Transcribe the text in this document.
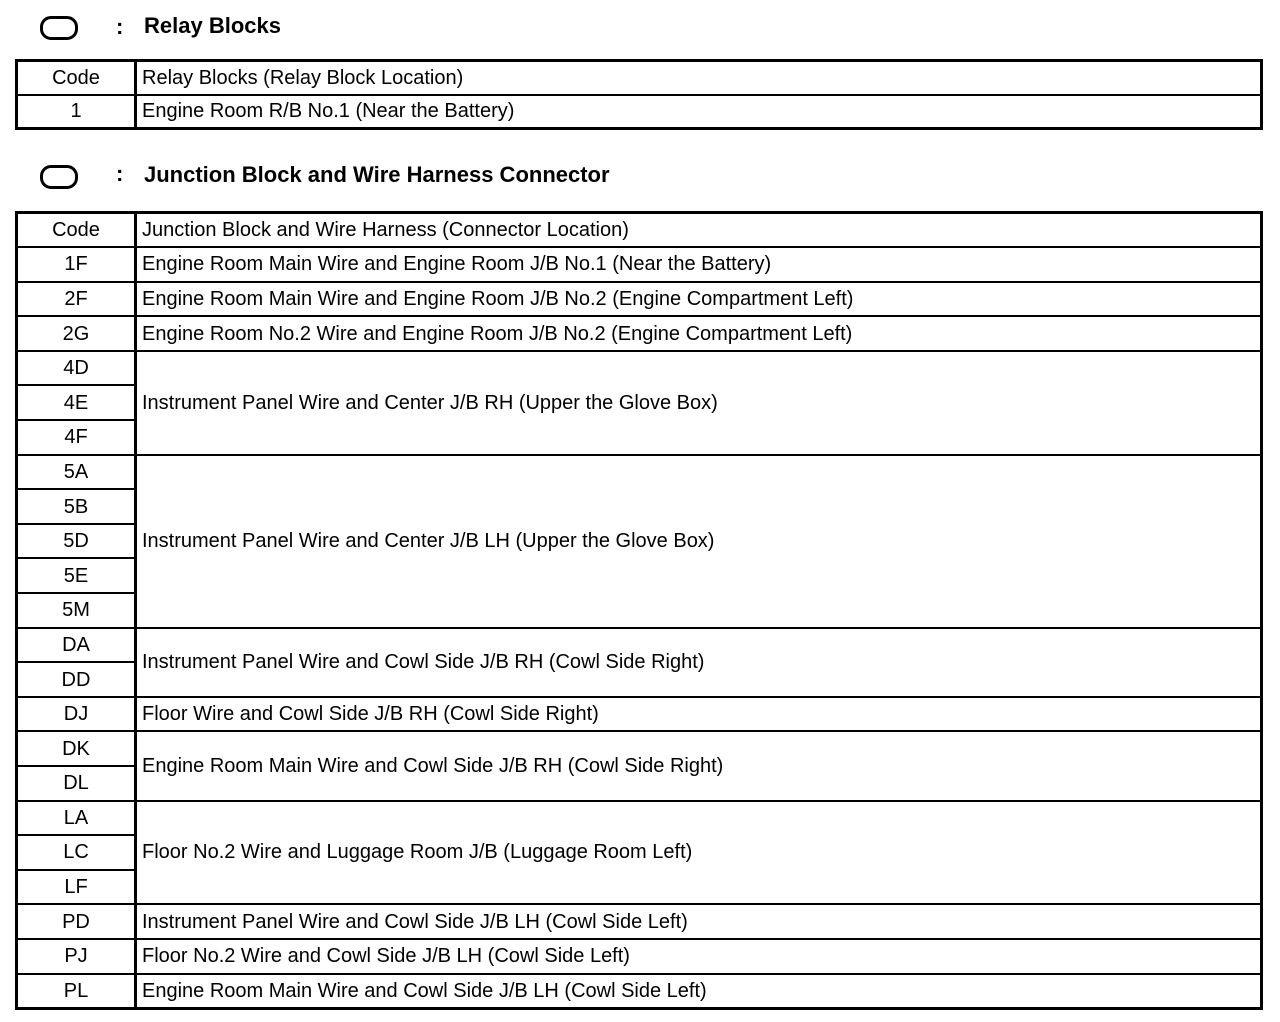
: Relay Blocks
Code	Relay Blocks (Relay Block Location)
1	Engine Room R/B No.1 (Near the Battery)
: Junction Block and Wire Harness Connector
Code	Junction Block and Wire Harness (Connector Location)
1F	Engine Room Main Wire and Engine Room J/B No.1 (Near the Battery)
2F	Engine Room Main Wire and Engine Room J/B No.2 (Engine Compartment Left)
2G	Engine Room No.2 Wire and Engine Room J/B No.2 (Engine Compartment Left)
4D	Instrument Panel Wire and Center J/B RH (Upper the Glove Box)
4E	
4F	
5A	Instrument Panel Wire and Center J/B LH (Upper the Glove Box)
5B	
5D	
5E	
5M	
DA	Instrument Panel Wire and Cowl Side J/B RH (Cowl Side Right)
DD	
DJ	Floor Wire and Cowl Side J/B RH (Cowl Side Right)
DK	Engine Room Main Wire and Cowl Side J/B RH (Cowl Side Right)
DL	
LA	Floor No.2 Wire and Luggage Room J/B (Luggage Room Left)
LC	
LF	
PD	Instrument Panel Wire and Cowl Side J/B LH (Cowl Side Left)
PJ	Floor No.2 Wire and Cowl Side J/B LH (Cowl Side Left)
PL	Engine Room Main Wire and Cowl Side J/B LH (Cowl Side Left)
